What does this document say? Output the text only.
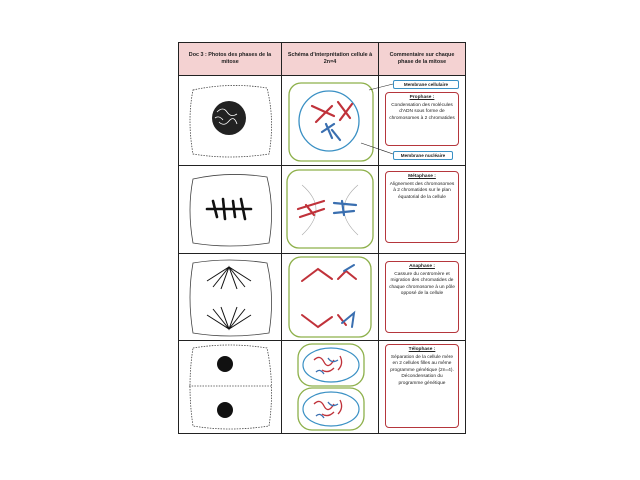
Doc 3 : Photos des phases de la mitose
Schéma d'interprétation cellule à 2n=4
Commentaire sur chaque phase de la mitose
Membrane cellulaire
Prophase :
Condensation des molécules d'ADN sous forme de chromosomes à 2 chromatides
Membrane nucléaire
Métaphase :
Alignement des chromosomes à 2 chromatides sur le plan équatorial de la cellule
Anaphase :
Cassure du centromère et migration des chromatides de chaque chromosome à un pôle opposé de la cellule
Télophase :
Séparation de la cellule mère en 2 cellules filles au même programme génétique (2n=4). Décondensation du programme génétique
